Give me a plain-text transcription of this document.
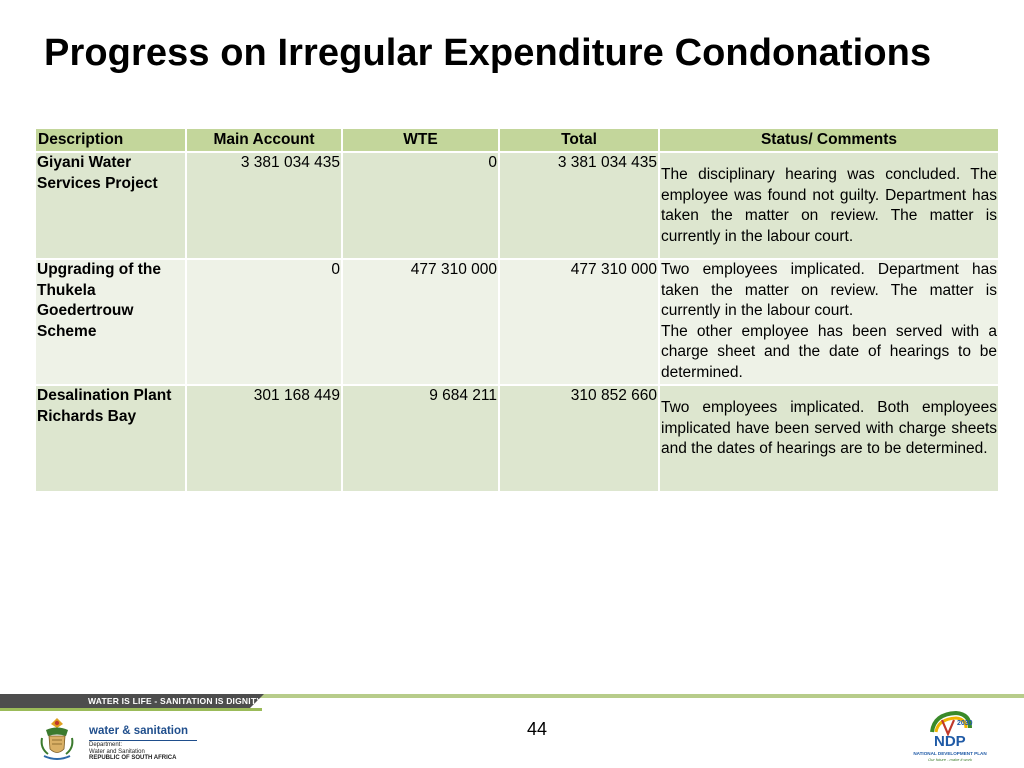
Progress on Irregular Expenditure Condonations
Description	Main Account	WTE	Total	Status/ Comments
Giyani Water Services Project	3 381 034 435	0	3 381 034 435	The disciplinary hearing was concluded. The employee was found not guilty. Department has taken the matter on review. The matter is currently in the labour court.

Upgrading of the Thukela Goedertrouw Scheme	0	477 310 000	477 310 000	Two employees implicated. Department has taken the matter on review. The matter is currently in the labour court.

The other employee has been served with a charge sheet and the date of hearings to be determined.

Desalination Plant Richards Bay	301 168 449	9 684 211	310 852 660	Two employees implicated. Both employees implicated have been served with charge sheets and the dates of hearings are to be determined.

WATER IS LIFE - SANITATION IS DIGNITY
water & sanitation
Department:
Water and Sanitation
REPUBLIC OF SOUTH AFRICA
44	2030
NDP
NATIONAL DEVELOPMENT PLAN
Our future - make it work
